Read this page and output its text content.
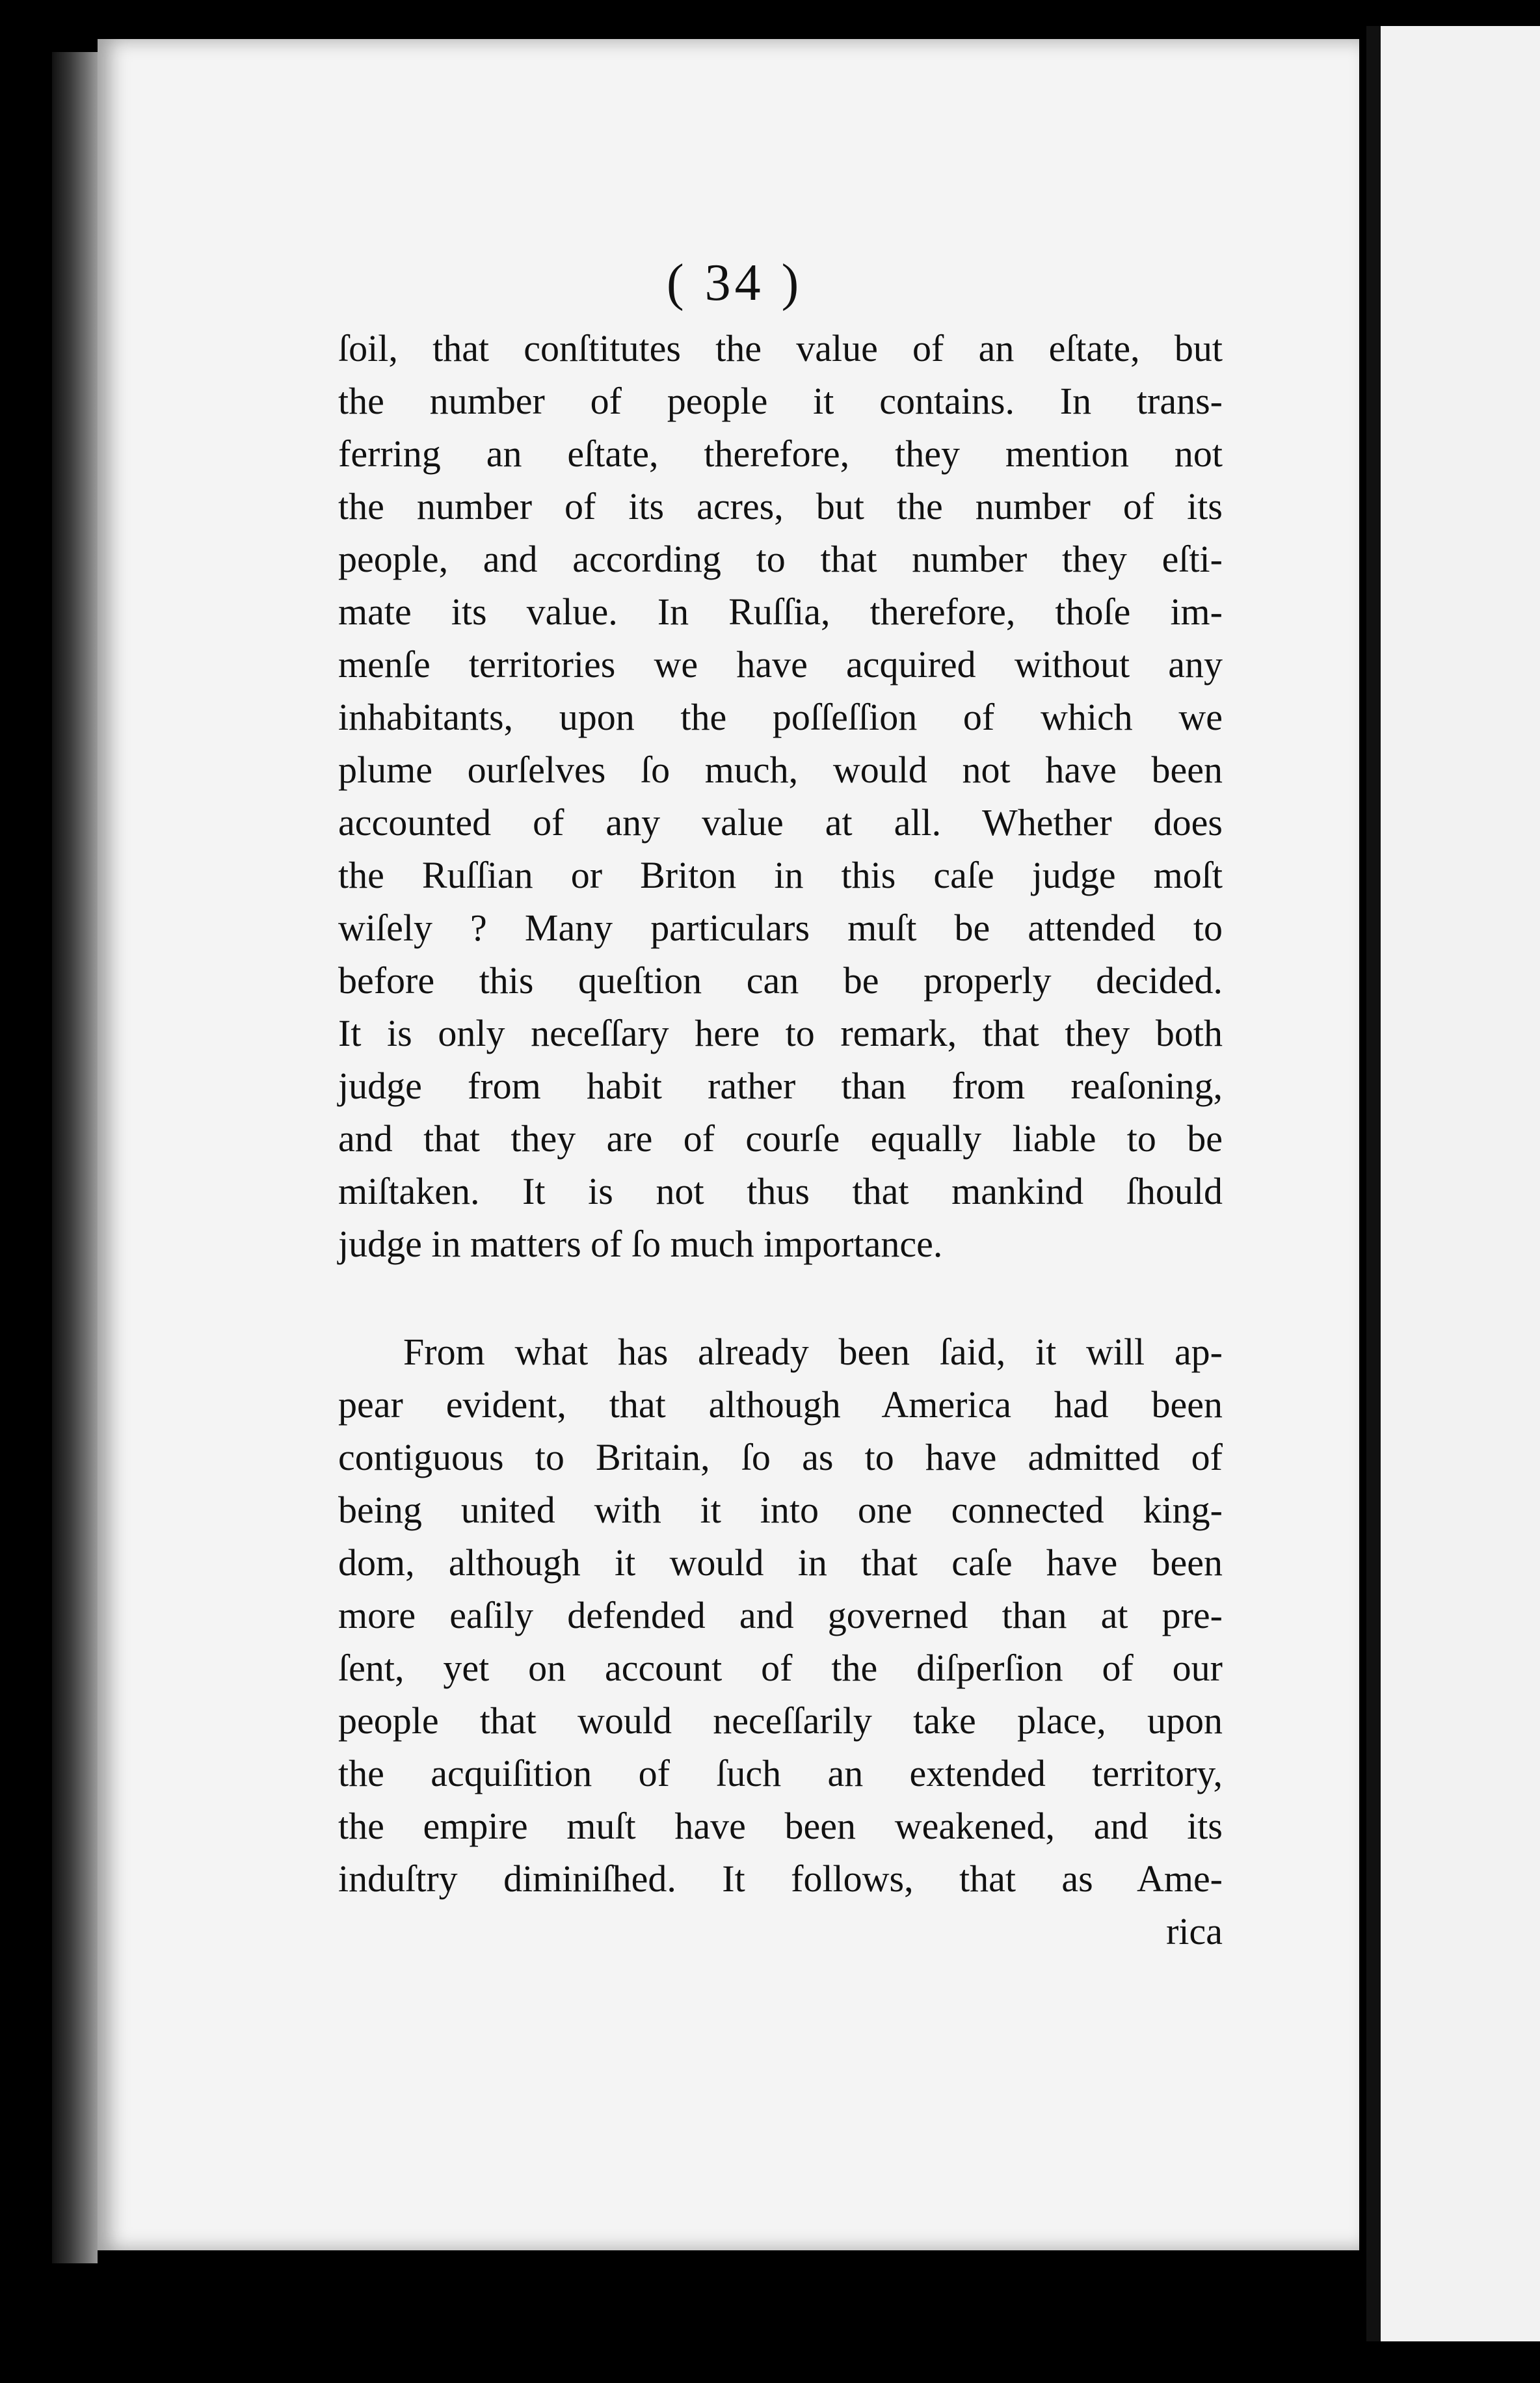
( 34 )
ſoil, that conſtitutes the value of an eſtate, but
the number of people it contains. In trans-
ferring an eſtate, therefore, they mention not
the number of its acres, but the number of its
people, and according to that number they eſti-
mate its value. In Ruſſia, therefore, thoſe im-
menſe territories we have acquired without any
inhabitants, upon the poſſeſſion of which we
plume ourſelves ſo much, would not have been
accounted of any value at all. Whether does
the Ruſſian or Briton in this caſe judge moſt
wiſely ? Many particulars muſt be attended to
before this queſtion can be properly decided.
It is only neceſſary here to remark, that they both
judge from habit rather than from reaſoning,
and that they are of courſe equally liable to be
miſtaken. It is not thus that mankind ſhould
judge in matters of ſo much importance.
From what has already been ſaid, it will ap-
pear evident, that although America had been
contiguous to Britain, ſo as to have admitted of
being united with it into one connected king-
dom, although it would in that caſe have been
more eaſily defended and governed than at pre-
ſent, yet on account of the diſperſion of our
people that would neceſſarily take place, upon
the acquiſition of ſuch an extended territory,
the empire muſt have been weakened, and its
induſtry diminiſhed. It follows, that as Ame-
rica
